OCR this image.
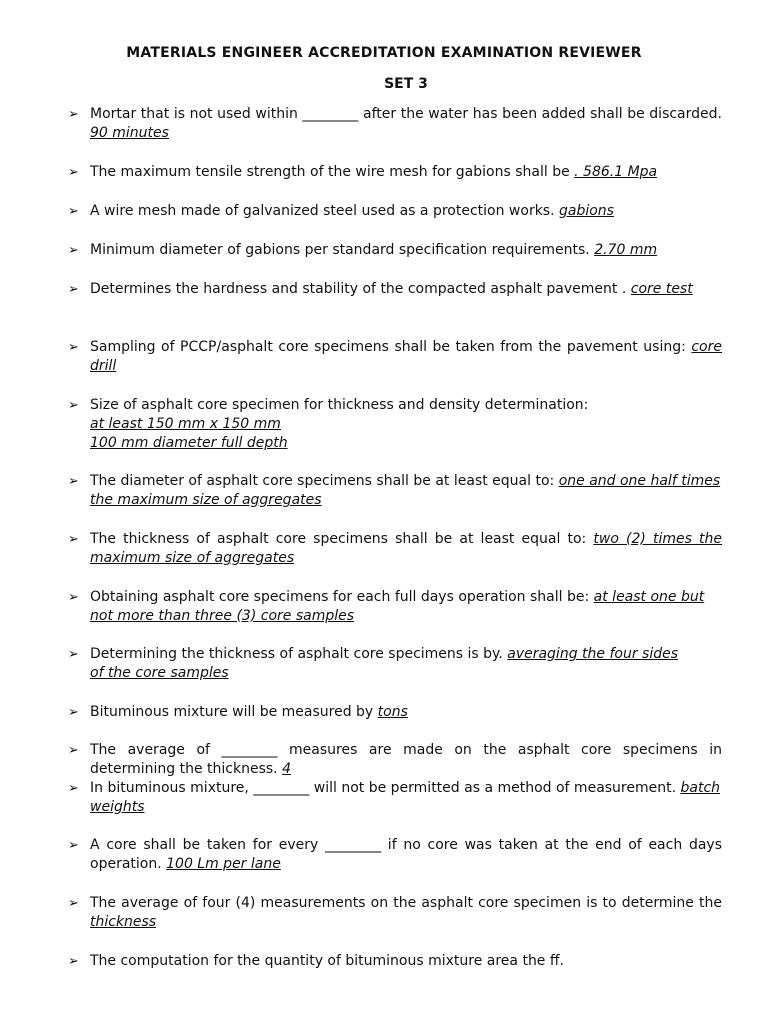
MATERIALS ENGINEER ACCREDITATION EXAMINATION REVIEWER
SET 3
➢ Mortar that is not used within ________ after the water has been added shall be discarded. 90 minutes
➢ The maximum tensile strength of the wire mesh for gabions shall be . 586.1 Mpa
➢ A wire mesh made of galvanized steel used as a protection works. gabions
➢ Minimum diameter of gabions per standard specification requirements. 2.70 mm
➢ Determines the hardness and stability of the compacted asphalt pavement . core test
➢ Sampling of PCCP/asphalt core specimens shall be taken from the pavement using: core drill
➢ Size of asphalt core specimen for thickness and density determination:
at least 150 mm x 150 mm
100 mm diameter full depth
➢ The diameter of asphalt core specimens shall be at least equal to: one and one half times the maximum size of aggregates
➢ The thickness of asphalt core specimens shall be at least equal to: two (2) times the maximum size of aggregates
➢ Obtaining asphalt core specimens for each full days operation shall be: at least one but not more than three (3) core samples
➢ Determining the thickness of asphalt core specimens is by. averaging the four sides of the core samples
➢ Bituminous mixture will be measured by tons
➢ The average of ________ measures are made on the asphalt core specimens in determining the thickness. 4
➢ In bituminous mixture, ________ will not be permitted as a method of measurement. batch weights
➢ A core shall be taken for every ________ if no core was taken at the end of each days operation. 100 Lm per lane
➢ The average of four (4) measurements on the asphalt core specimen is to determine the thickness
➢ The computation for the quantity of bituminous mixture area the ff.
